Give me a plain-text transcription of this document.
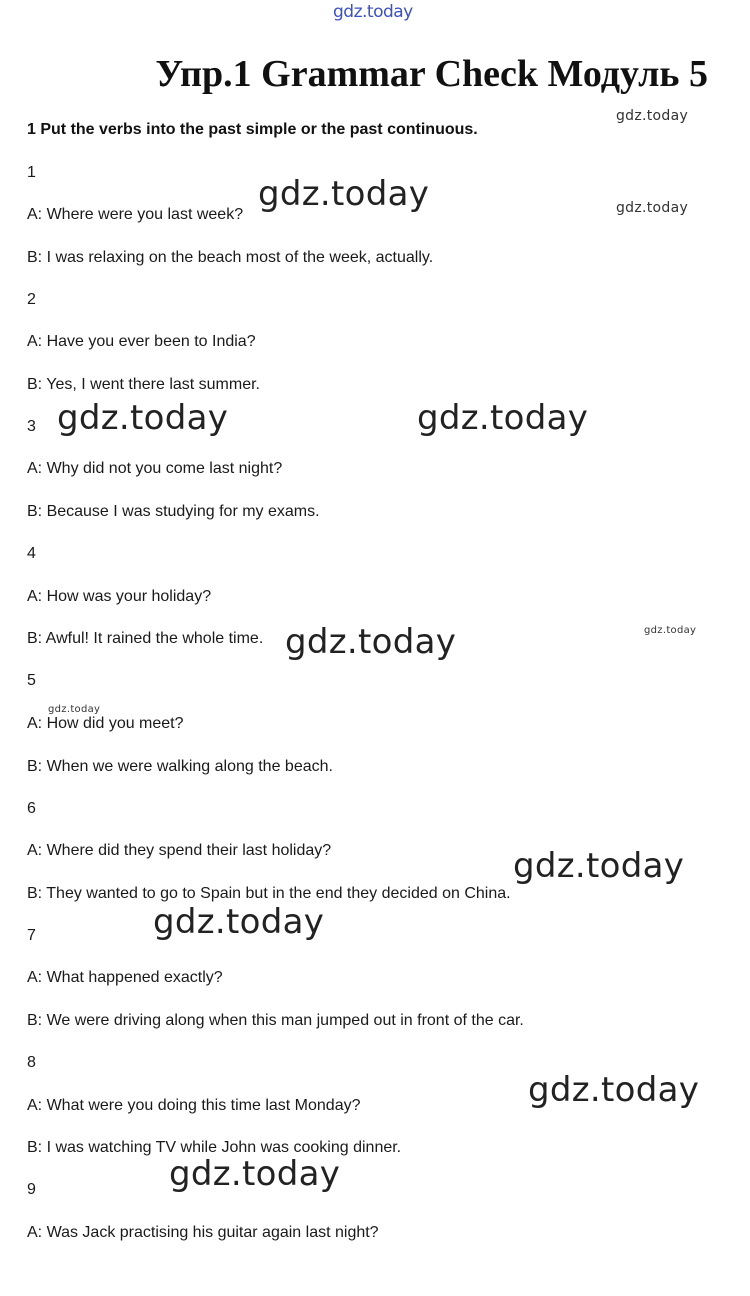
gdz.today
Упр.1 Grammar Check Модуль 5
1 Put the verbs into the past simple or the past continuous.
1
A: Where were you last week?
B: I was relaxing on the beach most of the week, actually.
2
A: Have you ever been to India?
B: Yes, I went there last summer.
3
A: Why did not you come last night?
B: Because I was studying for my exams.
4
A: How was your holiday?
B: Awful! It rained the whole time.
5
A: How did you meet?
B: When we were walking along the beach.
6
A: Where did they spend their last holiday?
B: They wanted to go to Spain but in the end they decided on China.
7
A: What happened exactly?
B: We were driving along when this man jumped out in front of the car.
8
A: What were you doing this time last Monday?
B: I was watching TV while John was cooking dinner.
9
A: Was Jack practising his guitar again last night?
gdz.today
gdz.today	gdz.today
gdz.today	gdz.today
gdz.today	gdz.today
gdz.today
gdz.today
gdz.today
gdz.today
gdz.today
